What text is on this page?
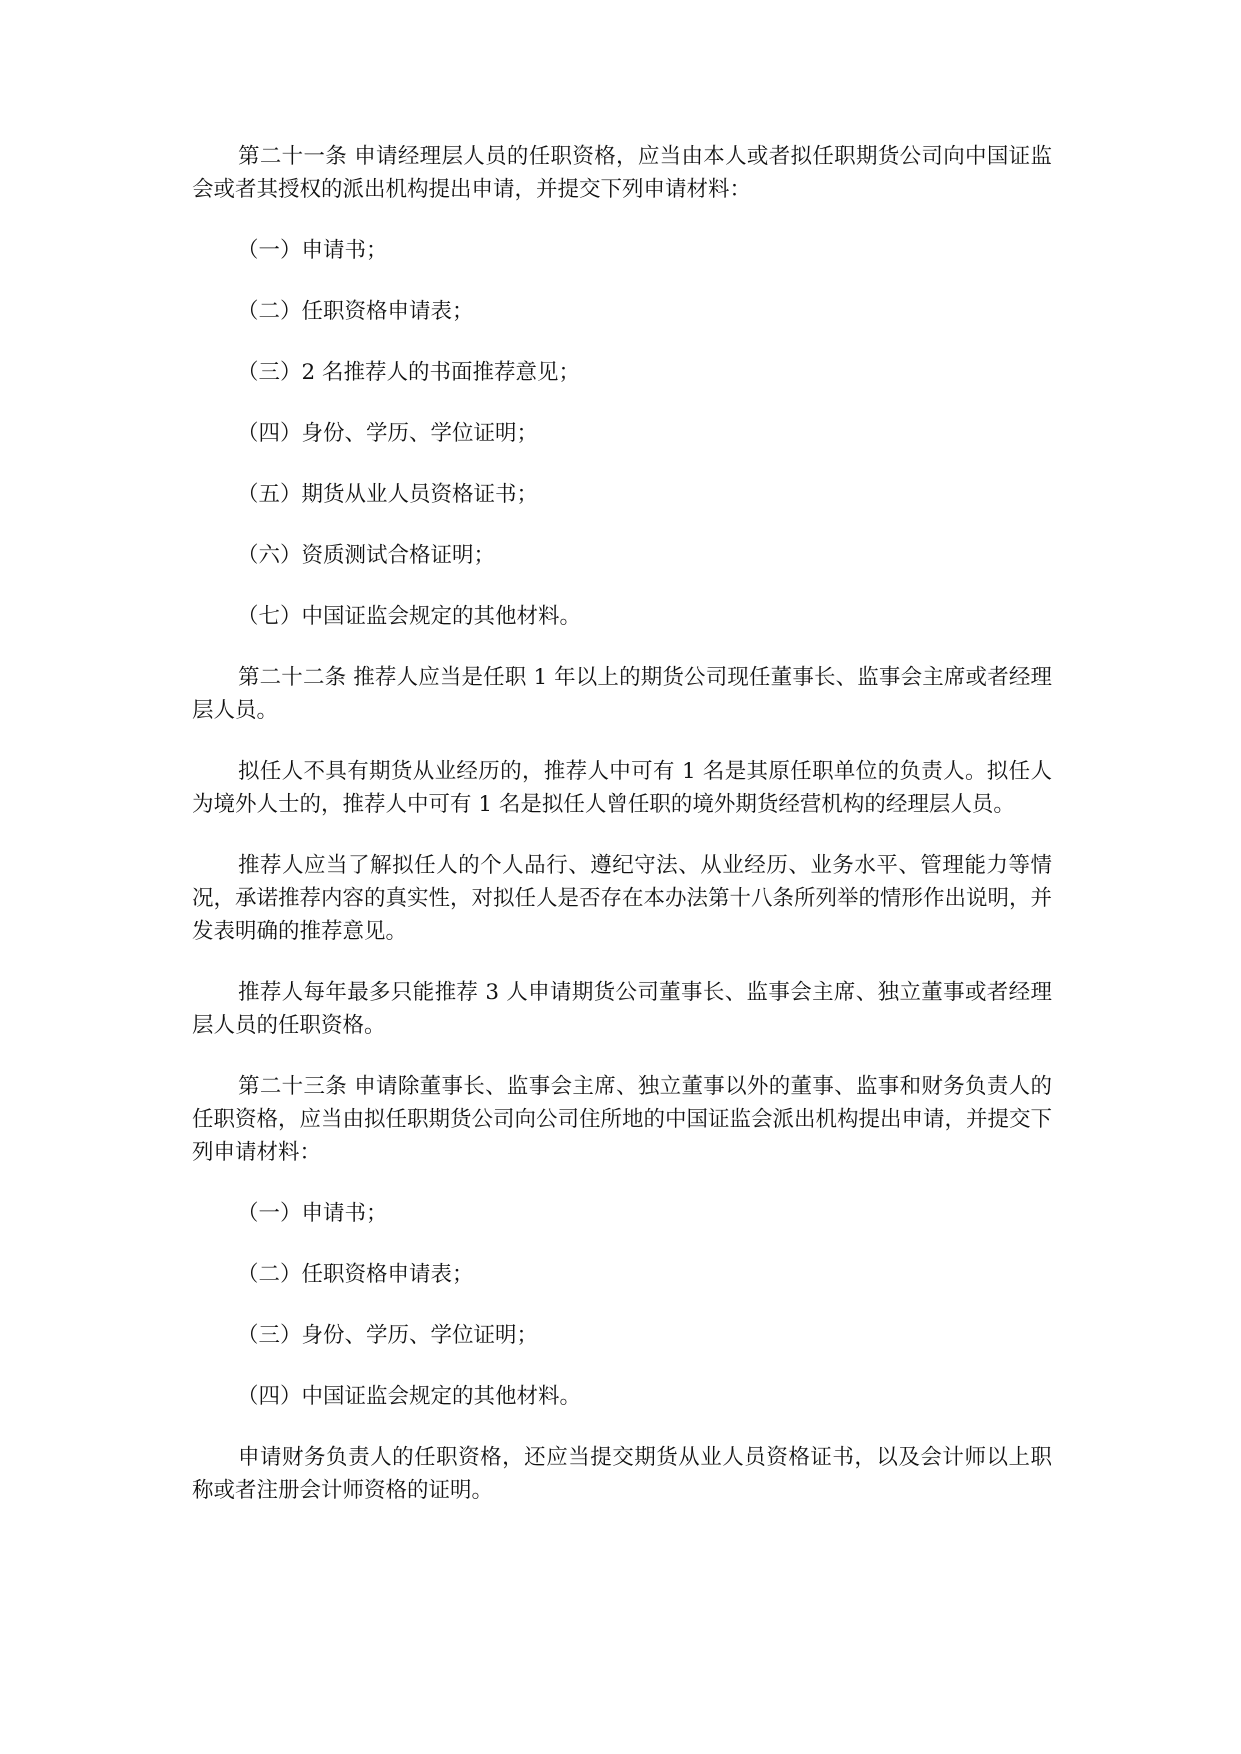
第二十一条 申请经理层人员的任职资格，应当由本人或者拟任职期货公司向中国证监会或者其授权的派出机构提出申请，并提交下列申请材料：

（一）申请书；

（二）任职资格申请表；

（三）2 名推荐人的书面推荐意见；

（四）身份、学历、学位证明；

（五）期货从业人员资格证书；

（六）资质测试合格证明；

（七）中国证监会规定的其他材料。

第二十二条 推荐人应当是任职 1 年以上的期货公司现任董事长、监事会主席或者经理层人员。

拟任人不具有期货从业经历的，推荐人中可有 1 名是其原任职单位的负责人。拟任人为境外人士的，推荐人中可有 1 名是拟任人曾任职的境外期货经营机构的经理层人员。

推荐人应当了解拟任人的个人品行、遵纪守法、从业经历、业务水平、管理能力等情况，承诺推荐内容的真实性，对拟任人是否存在本办法第十八条所列举的情形作出说明，并发表明确的推荐意见。

推荐人每年最多只能推荐 3 人申请期货公司董事长、监事会主席、独立董事或者经理层人员的任职资格。

第二十三条 申请除董事长、监事会主席、独立董事以外的董事、监事和财务负责人的任职资格，应当由拟任职期货公司向公司住所地的中国证监会派出机构提出申请，并提交下列申请材料：

（一）申请书；

（二）任职资格申请表；

（三）身份、学历、学位证明；

（四）中国证监会规定的其他材料。

申请财务负责人的任职资格，还应当提交期货从业人员资格证书，以及会计师以上职称或者注册会计师资格的证明。
